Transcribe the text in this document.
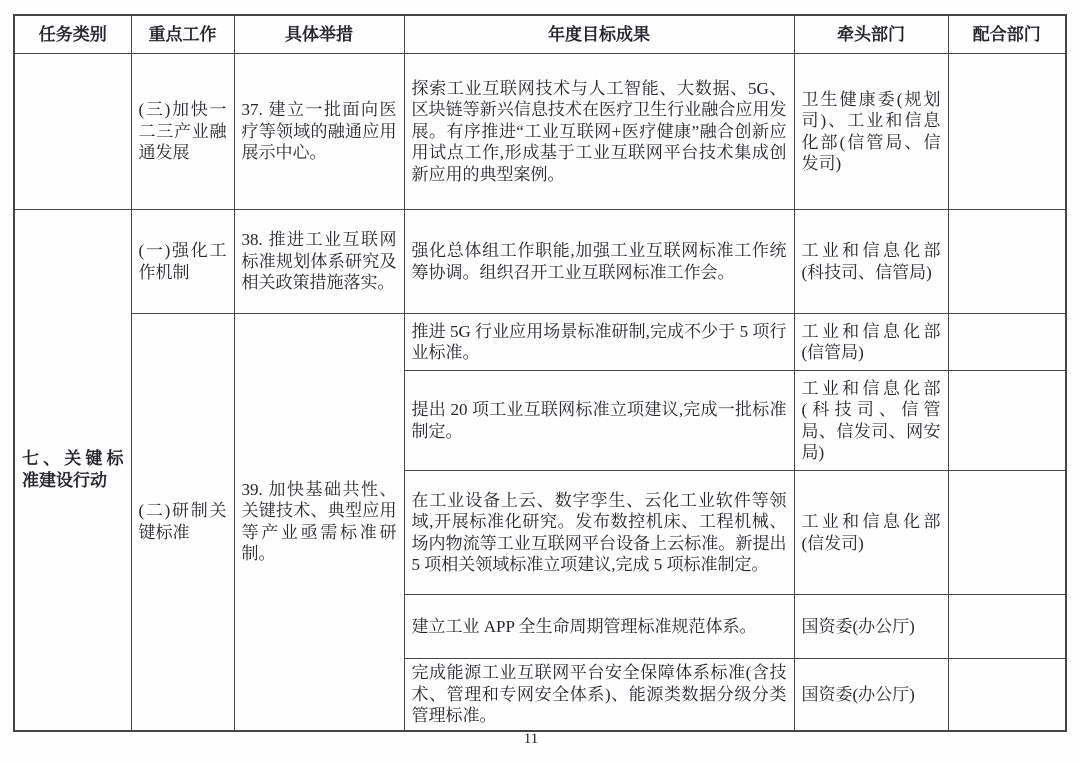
任务类别	重点工作	具体举措	年度目标成果	牵头部门	配合部门
	(三)加快一二三产业融通发展	37. 建立一批面向医疗等领域的融通应用展示中心。	探索工业互联网技术与人工智能、大数据、5G、区块链等新兴信息技术在医疗卫生行业融合应用发展。有序推进“工业互联网+医疗健康”融合创新应用试点工作,形成基于工业互联网平台技术集成创新应用的典型案例。	卫生健康委(规划司)、工业和信息化部(信管局、信发司)	
七、关键标准建设行动	(一)强化工作机制	38. 推进工业互联网标准规划体系研究及相关政策措施落实。	强化总体组工作职能,加强工业互联网标准工作统筹协调。组织召开工业互联网标准工作会。	工业和信息化部(科技司、信管局)	
	(二)研制关键标准	39. 加快基础共性、关键技术、典型应用等产业亟需标准研制。	推进 5G 行业应用场景标准研制,完成不少于 5 项行业标准。	工业和信息化部(信管局)	
			提出 20 项工业互联网标准立项建议,完成一批标准制定。	工业和信息化部(科技司、信管局、信发司、网安局)	
			在工业设备上云、数字孪生、云化工业软件等领域,开展标准化研究。发布数控机床、工程机械、场内物流等工业互联网平台设备上云标准。新提出 5 项相关领域标准立项建议,完成 5 项标准制定。	工业和信息化部(信发司)	
			建立工业 APP 全生命周期管理标准规范体系。	国资委(办公厅)	
			完成能源工业互联网平台安全保障体系标准(含技术、管理和专网安全体系)、能源类数据分级分类管理标准。	国资委(办公厅)	
11
